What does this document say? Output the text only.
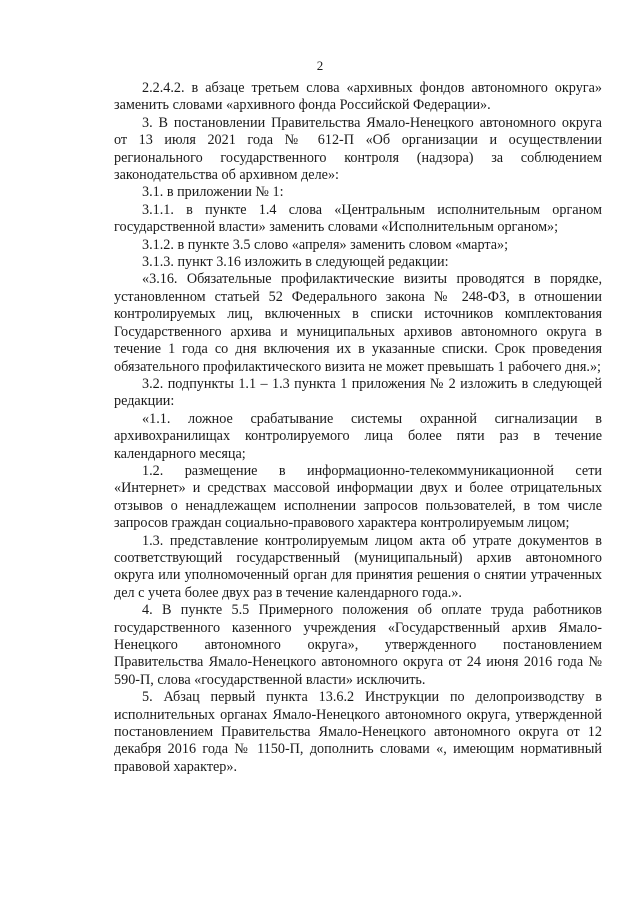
2

2.2.4.2. в абзаце третьем слова «архивных фондов автономного округа» заменить словами «архивного фонда Российской Федерации».

3. В постановлении Правительства Ямало-Ненецкого автономного округа от 13 июля 2021 года № 612-П «Об организации и осуществлении регионального государственного контроля (надзора) за соблюдением законодательства об архивном деле»:

3.1. в приложении № 1:

3.1.1. в пункте 1.4 слова «Центральным исполнительным органом государственной власти» заменить словами «Исполнительным органом»;

3.1.2. в пункте 3.5 слово «апреля» заменить словом «марта»;

3.1.3. пункт 3.16 изложить в следующей редакции:

«3.16. Обязательные профилактические визиты проводятся в порядке, установленном статьей 52 Федерального закона № 248-ФЗ, в отношении контролируемых лиц, включенных в списки источников комплектования Государственного архива и муниципальных архивов автономного округа в течение 1 года со дня включения их в указанные списки. Срок проведения обязательного профилактического визита не может превышать 1 рабочего дня.»;

3.2. подпункты 1.1 – 1.3 пункта 1 приложения № 2 изложить в следующей редакции:

«1.1. ложное срабатывание системы охранной сигнализации в архивохранилищах контролируемого лица более пяти раз в течение календарного месяца;

1.2. размещение в информационно-телекоммуникационной сети «Интернет» и средствах массовой информации двух и более отрицательных отзывов о ненадлежащем исполнении запросов пользователей, в том числе запросов граждан социально-правового характера контролируемым лицом;

1.3. представление контролируемым лицом акта об утрате документов в соответствующий государственный (муниципальный) архив автономного округа или уполномоченный орган для принятия решения о снятии утраченных дел с учета более двух раз в течение календарного года.».

4. В пункте 5.5 Примерного положения об оплате труда работников государственного казенного учреждения «Государственный архив Ямало-Ненецкого автономного округа», утвержденного постановлением Правительства Ямало-Ненецкого автономного округа от 24 июня 2016 года № 590-П, слова «государственной власти» исключить.

5. Абзац первый пункта 13.6.2 Инструкции по делопроизводству в исполнительных органах Ямало-Ненецкого автономного округа, утвержденной постановлением Правительства Ямало-Ненецкого автономного округа от 12 декабря 2016 года № 1150-П, дополнить словами «, имеющим нормативный правовой характер».
